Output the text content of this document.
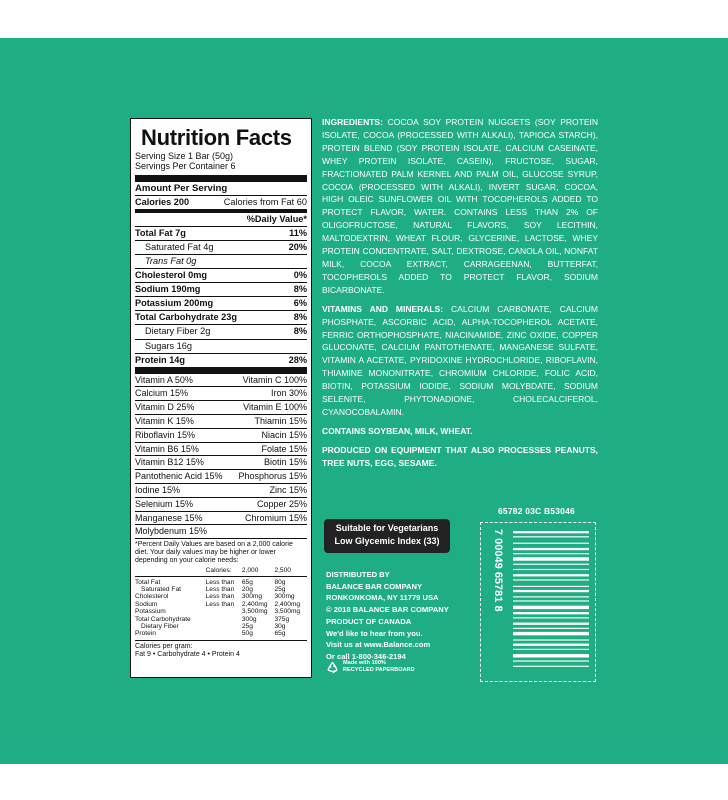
Nutrition Facts
Serving Size 1 Bar (50g)
Servings Per Container 6
Amount Per Serving
Calories 200	Calories from Fat 60
%Daily Value*
Total Fat 7g	11%
Saturated Fat 4g	20%
Trans Fat 0g
Cholesterol 0mg	0%
Sodium 190mg	8%
Potassium 200mg	6%
Total Carbohydrate 23g	8%
Dietary Fiber 2g	8%
Sugars 16g
Protein 14g	28%
Vitamin A 50%	Vitamin C 100%
Calcium 15%	Iron 30%
Vitamin D 25%	Vitamin E 100%
Vitamin K 15%	Thiamin 15%
Riboflavin 15%	Niacin 15%
Vitamin B6 15%	Folate 15%
Vitamin B12 15%	Biotin 15%
Pantothenic Acid 15% Phosphorus 15%
Iodine 15%	Zinc 15%
Selenium 15%	Copper 25%
Manganese 15%	Chromium 15%
Molybdenum 15%
*Percent Daily Values are based on a 2,000 calorie diet. Your daily values may be higher or lower depending on your calorie needs:
	Calories:	2,000	2,500
Total Fat	Less than	65g	80g
Saturated Fat	Less than	20g	25g
Cholesterol	Less than	300mg	300mg
Sodium	Less than	2,400mg	2,400mg
Potassium		3,500mg	3,500mg
Total Carbohydrate		300g	375g
Dietary Fiber		25g	30g
Protein		50g	65g
Calories per gram:
Fat 9 • Carbohydrate 4 • Protein 4

INGREDIENTS: COCOA SOY PROTEIN NUGGETS (SOY PROTEIN ISOLATE, COCOA (PROCESSED WITH ALKALI), TAPIOCA STARCH), PROTEIN BLEND (SOY PROTEIN ISOLATE, CALCIUM CASEINATE, WHEY PROTEIN ISOLATE, CASEIN), FRUCTOSE, SUGAR, FRACTIONATED PALM KERNEL AND PALM OIL, GLUCOSE SYRUP, COCOA (PROCESSED WITH ALKALI), INVERT SUGAR, COCOA, HIGH OLEIC SUNFLOWER OIL WITH TOCOPHEROLS ADDED TO PROTECT FLAVOR, WATER. CONTAINS LESS THAN 2% OF OLIGOFRUCTOSE, NATURAL FLAVORS, SOY LECITHIN, MALTODEXTRIN, WHEAT FLOUR, GLYCERINE, LACTOSE, WHEY PROTEIN CONCENTRATE, SALT, DEXTROSE, CANOLA OIL, NONFAT MILK, COCOA EXTRACT, CARRAGEENAN, BUTTERFAT, TOCOPHEROLS ADDED TO PROTECT FLAVOR, SODIUM BICARBONATE.

VITAMINS AND MINERALS: CALCIUM CARBONATE, CALCIUM PHOSPHATE, ASCORBIC ACID, ALPHA-TOCOPHEROL ACETATE, FERRIC ORTHOPHOSPHATE, NIACINAMIDE, ZINC OXIDE, COPPER GLUCONATE, CALCIUM PANTOTHENATE, MANGANESE SULFATE, VITAMIN A ACETATE, PYRIDOXINE HYDROCHLORIDE, RIBOFLAVIN, THIAMINE MONONITRATE, CHROMIUM CHLORIDE, FOLIC ACID, BIOTIN, POTASSIUM IODIDE, SODIUM MOLYBDATE, SODIUM SELENITE, PHYTONADIONE, CHOLECALCIFEROL, CYANOCOBALAMIN.

CONTAINS SOYBEAN, MILK, WHEAT.

PRODUCED ON EQUIPMENT THAT ALSO PROCESSES PEANUTS, TREE NUTS, EGG, SESAME.

Suitable for Vegetarians
Low Glycemic Index (33)
DISTRIBUTED BY
BALANCE BAR COMPANY
RONKONKOMA, NY 11779 USA
© 2018 BALANCE BAR COMPANY
PRODUCT OF CANADA
We'd like to hear from you.
Visit us at www.Balance.com
Or call 1-800-346-2194
Made with 100%
RECYCLED PAPERBOARD
65782 03C B53046
7 00049 65781 8
